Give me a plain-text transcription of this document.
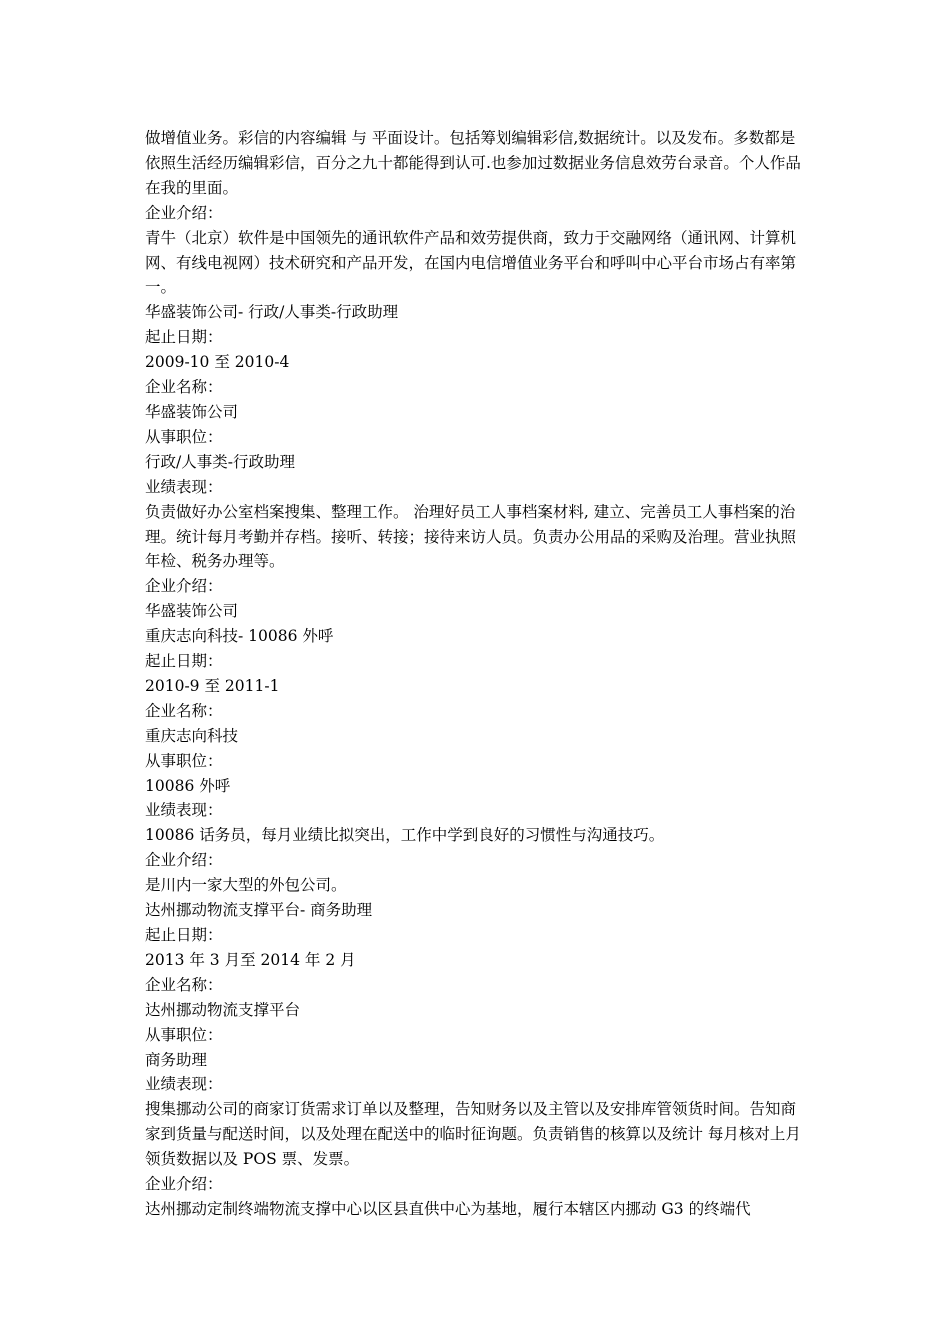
做增值业务。彩信的内容编辑 与 平面设计。包括筹划编辑彩信,数据统计。以及发布。多数都是依照生活经历编辑彩信，百分之九十都能得到认可.也参加过数据业务信息效劳台录音。个人作品在我的里面。
企业介绍：
青牛（北京）软件是中国领先的通讯软件产品和效劳提供商，致力于交融网络（通讯网、计算机网、有线电视网）技术研究和产品开发，在国内电信增值业务平台和呼叫中心平台市场占有率第一。
华盛装饰公司- 行政/人事类-行政助理
起止日期：
2009-10 至 2010-4
企业名称：
华盛装饰公司
从事职位：
行政/人事类-行政助理
业绩表现：
负责做好办公室档案搜集、整理工作。 治理好员工人事档案材料, 建立、完善员工人事档案的治理。统计每月考勤并存档。接听、转接；接待来访人员。负责办公用品的采购及治理。营业执照年检、税务办理等。
企业介绍：
华盛装饰公司
重庆志向科技- 10086 外呼
起止日期：
2010-9 至 2011-1
企业名称：
重庆志向科技
从事职位：
10086 外呼
业绩表现：
10086 话务员，每月业绩比拟突出，工作中学到良好的习惯性与沟通技巧。
企业介绍：
是川内一家大型的外包公司。
达州挪动物流支撑平台- 商务助理
起止日期：
2013 年 3 月至 2014 年 2 月
企业名称：
达州挪动物流支撑平台
从事职位：
商务助理
业绩表现：
搜集挪动公司的商家订货需求订单以及整理，告知财务以及主管以及安排库管领货时间。告知商家到货量与配送时间，以及处理在配送中的临时征询题。负责销售的核算以及统计 每月核对上月领货数据以及 POS 票、发票。
企业介绍：
达州挪动定制终端物流支撑中心以区县直供中心为基地，履行本辖区内挪动 G3 的终端代
